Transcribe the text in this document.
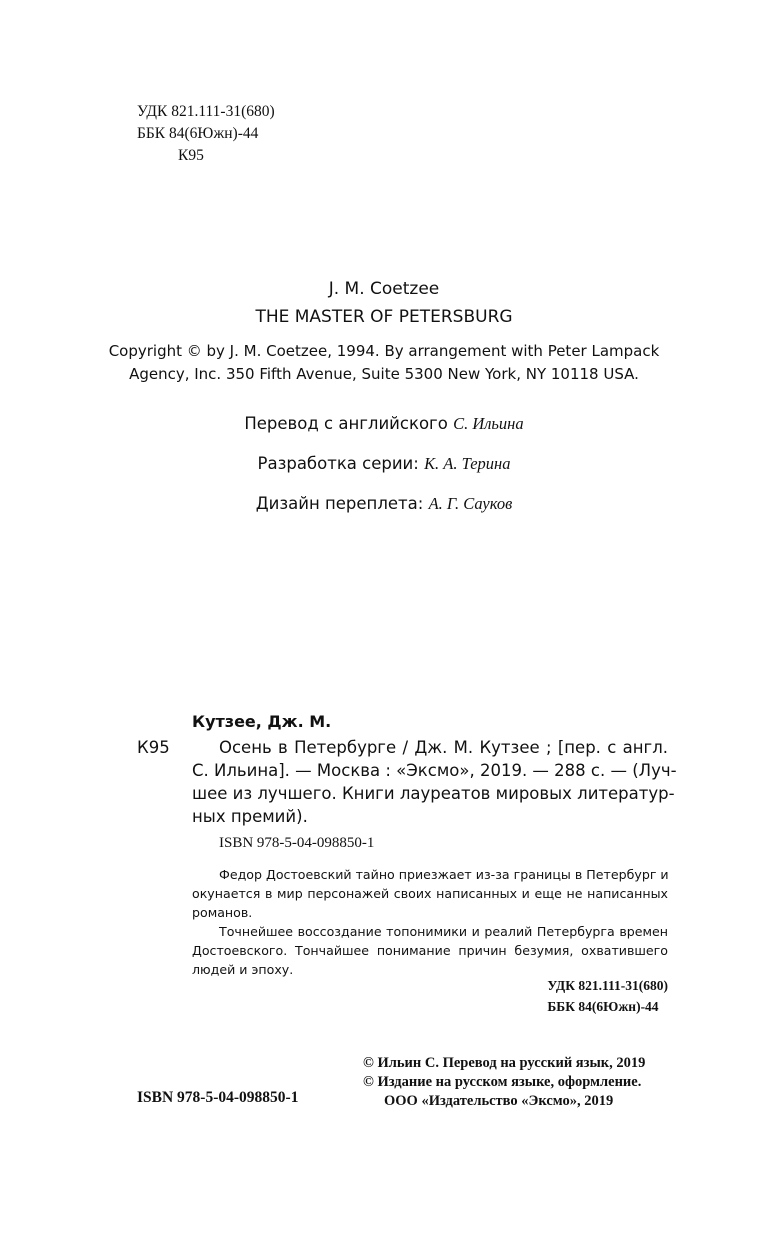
УДК 821.111-31(680)
ББК 84(6Южн)-44
К95
J. M. Coetzee
THE MASTER OF PETERSBURG
Copyright © by J. M. Coetzee, 1994. By arrangement with Peter Lampack
Agency, Inc. 350 Fifth Avenue, Suite 5300 New York, NY 10118 USA.
Перевод с английского С. Ильина
Разработка серии: К. А. Терина
Дизайн переплета: А. Г. Сауков
Кутзее, Дж. М.
К95	Осень в Петербурге / Дж. М. Кутзее ; [пер. с англ.
С. Ильина]. — Москва : «Эксмо», 2019. — 288 с. — (Луч-
шее из лучшего. Книги лауреатов мировых литератур-
ных премий).
ISBN 978-5-04-098850-1
Федор Достоевский тайно приезжает из-за границы в Петербург и
окунается в мир персонажей своих написанных и еще не написанных
романов.
Точнейшее воссоздание топонимики и реалий Петербурга времен
Достоевского. Тончайшее понимание причин безумия, охватившего
людей и эпоху.
УДК 821.111-31(680)
ББК 84(6Южн)-44
ISBN 978-5-04-098850-1
© Ильин С. Перевод на русский язык, 2019
© Издание на русском языке, оформление.
ООО «Издательство «Эксмо», 2019
